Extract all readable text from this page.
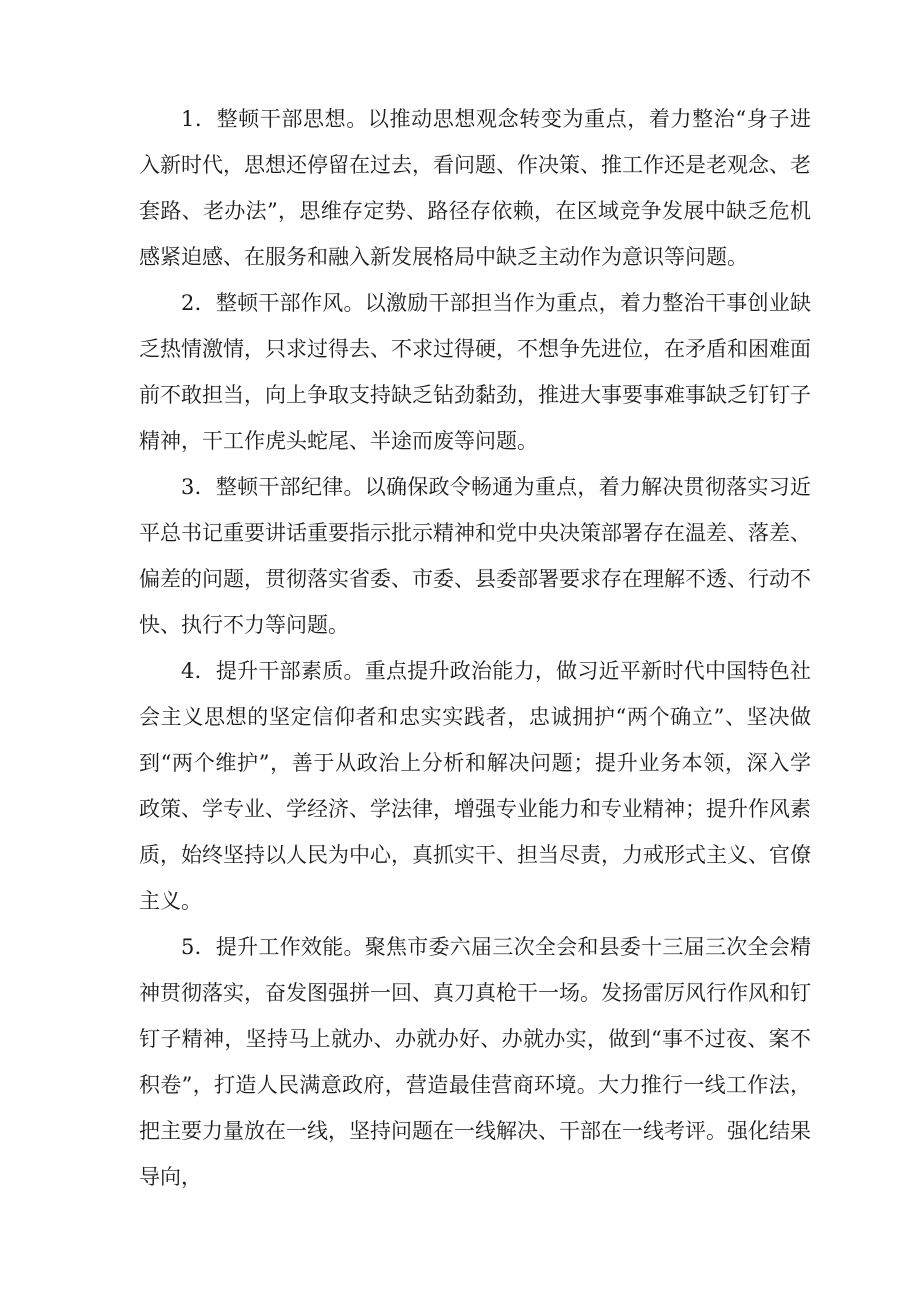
1．整顿干部思想。以推动思想观念转变为重点，着力整治“身子进入新时代，思想还停留在过去，看问题、作决策、推工作还是老观念、老套路、老办法”，思维存定势、路径存依赖，在区域竞争发展中缺乏危机感紧迫感、在服务和融入新发展格局中缺乏主动作为意识等问题。

2．整顿干部作风。以激励干部担当作为重点，着力整治干事创业缺乏热情激情，只求过得去、不求过得硬，不想争先进位，在矛盾和困难面前不敢担当，向上争取支持缺乏钻劲黏劲，推进大事要事难事缺乏钉钉子精神，干工作虎头蛇尾、半途而废等问题。

3．整顿干部纪律。以确保政令畅通为重点，着力解决贯彻落实习近平总书记重要讲话重要指示批示精神和党中央决策部署存在温差、落差、偏差的问题，贯彻落实省委、市委、县委部署要求存在理解不透、行动不快、执行不力等问题。

4．提升干部素质。重点提升政治能力，做习近平新时代中国特色社会主义思想的坚定信仰者和忠实实践者，忠诚拥护“两个确立”、坚决做到“两个维护”，善于从政治上分析和解决问题；提升业务本领，深入学政策、学专业、学经济、学法律，增强专业能力和专业精神；提升作风素质，始终坚持以人民为中心，真抓实干、担当尽责，力戒形式主义、官僚主义。

5．提升工作效能。聚焦市委六届三次全会和县委十三届三次全会精神贯彻落实，奋发图强拼一回、真刀真枪干一场。发扬雷厉风行作风和钉钉子精神，坚持马上就办、办就办好、办就办实，做到“事不过夜、案不积卷”，打造人民满意政府，营造最佳营商环境。大力推行一线工作法，把主要力量放在一线，坚持问题在一线解决、干部在一线考评。强化结果导向，
